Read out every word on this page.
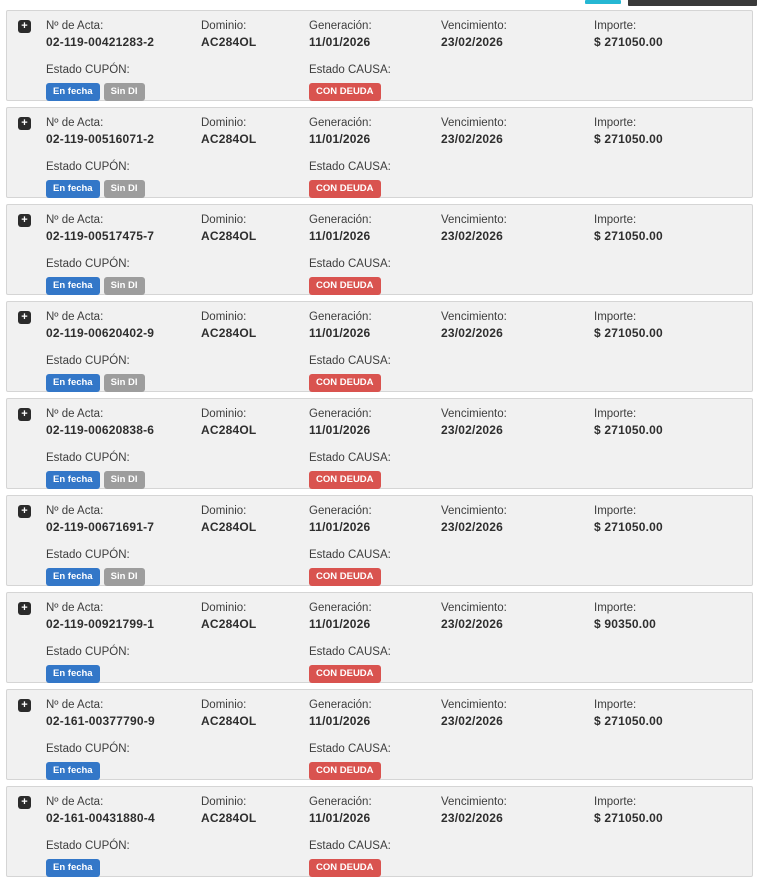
+ Nº de Acta:
02-119-00421283-2
Estado CUPÓN:
En fecha	Sin DI
Dominio:
AC284OL
Generación:
11/01/2026
Estado CAUSA:
CON DEUDA
Vencimiento:
23/02/2026
Importe:
$ 271050.00
+ Nº de Acta:
02-119-00516071-2
Estado CUPÓN:
En fecha	Sin DI
Dominio:
AC284OL
Generación:
11/01/2026
Estado CAUSA:
CON DEUDA
Vencimiento:
23/02/2026
Importe:
$ 271050.00
+ Nº de Acta:
02-119-00517475-7
Estado CUPÓN:
En fecha	Sin DI
Dominio:
AC284OL
Generación:
11/01/2026
Estado CAUSA:
CON DEUDA
Vencimiento:
23/02/2026
Importe:
$ 271050.00
+ Nº de Acta:
02-119-00620402-9
Estado CUPÓN:
En fecha	Sin DI
Dominio:
AC284OL
Generación:
11/01/2026
Estado CAUSA:
CON DEUDA
Vencimiento:
23/02/2026
Importe:
$ 271050.00
+ Nº de Acta:
02-119-00620838-6
Estado CUPÓN:
En fecha	Sin DI
Dominio:
AC284OL
Generación:
11/01/2026
Estado CAUSA:
CON DEUDA
Vencimiento:
23/02/2026
Importe:
$ 271050.00
+ Nº de Acta:
02-119-00671691-7
Estado CUPÓN:
En fecha	Sin DI
Dominio:
AC284OL
Generación:
11/01/2026
Estado CAUSA:
CON DEUDA
Vencimiento:
23/02/2026
Importe:
$ 271050.00
+ Nº de Acta:
02-119-00921799-1
Estado CUPÓN:
En fecha
Dominio:
AC284OL
Generación:
11/01/2026
Estado CAUSA:
CON DEUDA
Vencimiento:
23/02/2026
Importe:
$ 90350.00
+ Nº de Acta:
02-161-00377790-9
Estado CUPÓN:
En fecha
Dominio:
AC284OL
Generación:
11/01/2026
Estado CAUSA:
CON DEUDA
Vencimiento:
23/02/2026
Importe:
$ 271050.00
+ Nº de Acta:
02-161-00431880-4
Estado CUPÓN:
En fecha
Dominio:
AC284OL
Generación:
11/01/2026
Estado CAUSA:
CON DEUDA
Vencimiento:
23/02/2026
Importe:
$ 271050.00
